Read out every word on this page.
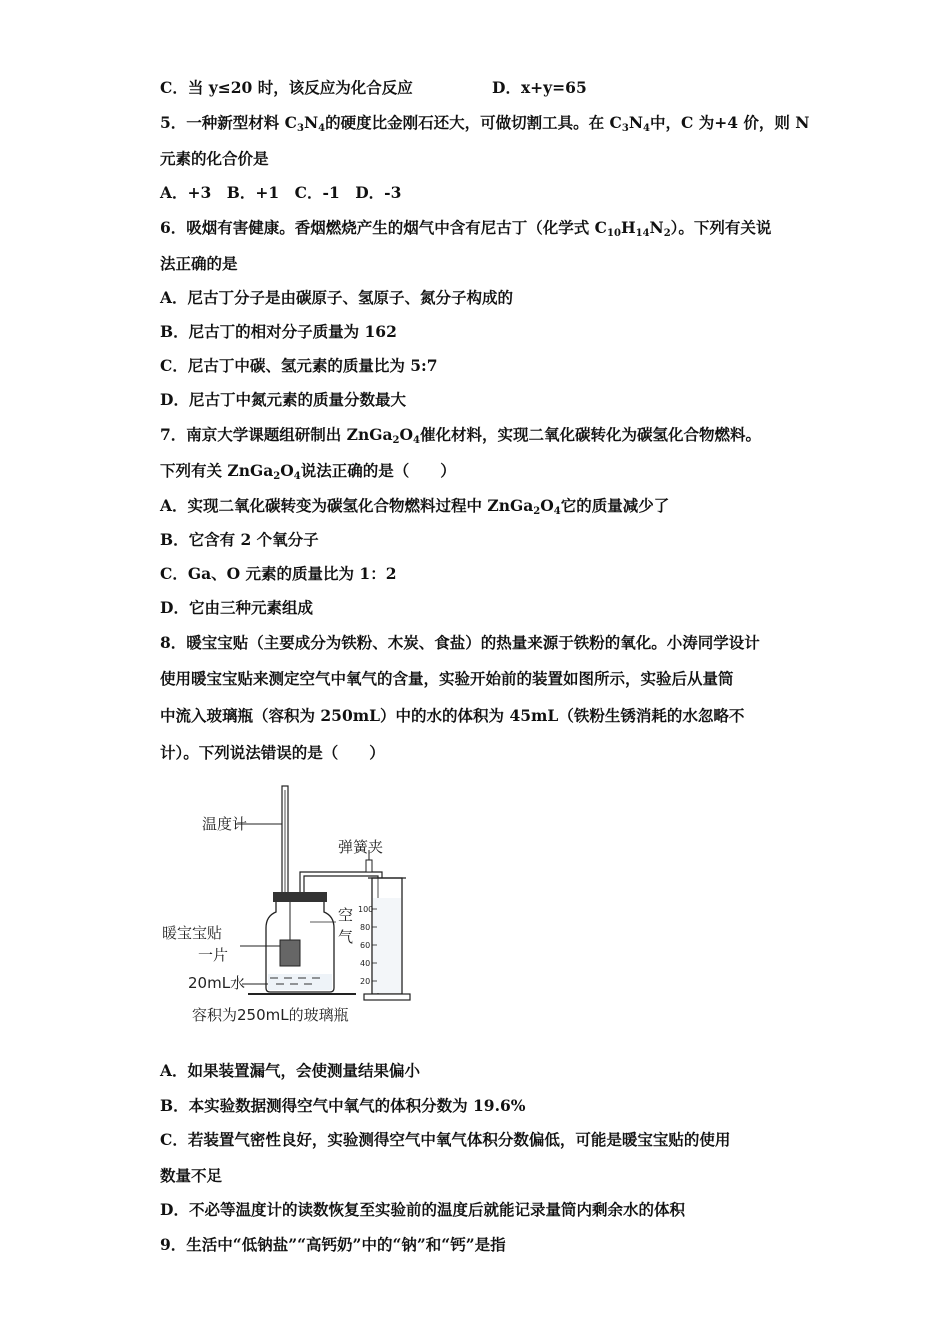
C．当 y≤20 时，该反应为化合反应	D．x+y=65
5．一种新型材料 $C_3N_4$的硬度比金刚石还大，可做切割工具。在 $C_3N_4$中，C 为+4 价，则 N
元素的化合价是
A．+3　B．+1　C．-1　D．-3
6．吸烟有害健康。香烟燃烧产生的烟气中含有尼古丁（化学式 $C_{10}H_{14}N_2$）。下列有关说
法正确的是
A．尼古丁分子是由碳原子、氢原子、氮分子构成的
B．尼古丁的相对分子质量为 162
C．尼古丁中碳、氢元素的质量比为 5:7
D．尼古丁中氮元素的质量分数最大
7．南京大学课题组研制出 $ZnGa_2O_4$催化材料，实现二氧化碳转化为碳氢化合物燃料。
下列有关 $ZnGa_2O_4$说法正确的是（　　）
A．实现二氧化碳转变为碳氢化合物燃料过程中 $ZnGa_2O_4$它的质量减少了
B．它含有 2 个氧分子
C．Ga、O 元素的质量比为 1：2
D．它由三种元素组成
8．暖宝宝贴（主要成分为铁粉、木炭、食盐）的热量来源于铁粉的氧化。小涛同学设计
使用暖宝宝贴来测定空气中氧气的含量，实验开始前的装置如图所示，实验后从量筒
中流入玻璃瓶（容积为 250mL）中的水的体积为 45mL（铁粉生锈消耗的水忽略不
计）。下列说法错误的是（　　）
温度计
弹簧夹
暖宝宝贴
一片
空
气
20mL水
100
80
60
40
20
容积为250mL的玻璃瓶
A．如果装置漏气，会使测量结果偏小
B．本实验数据测得空气中氧气的体积分数为 19.6%
C．若装置气密性良好，实验测得空气中氧气体积分数偏低，可能是暖宝宝贴的使用
数量不足
D．不必等温度计的读数恢复至实验前的温度后就能记录量筒内剩余水的体积
9．生活中“低钠盐”“高钙奶”中的“钠”和“钙”是指
